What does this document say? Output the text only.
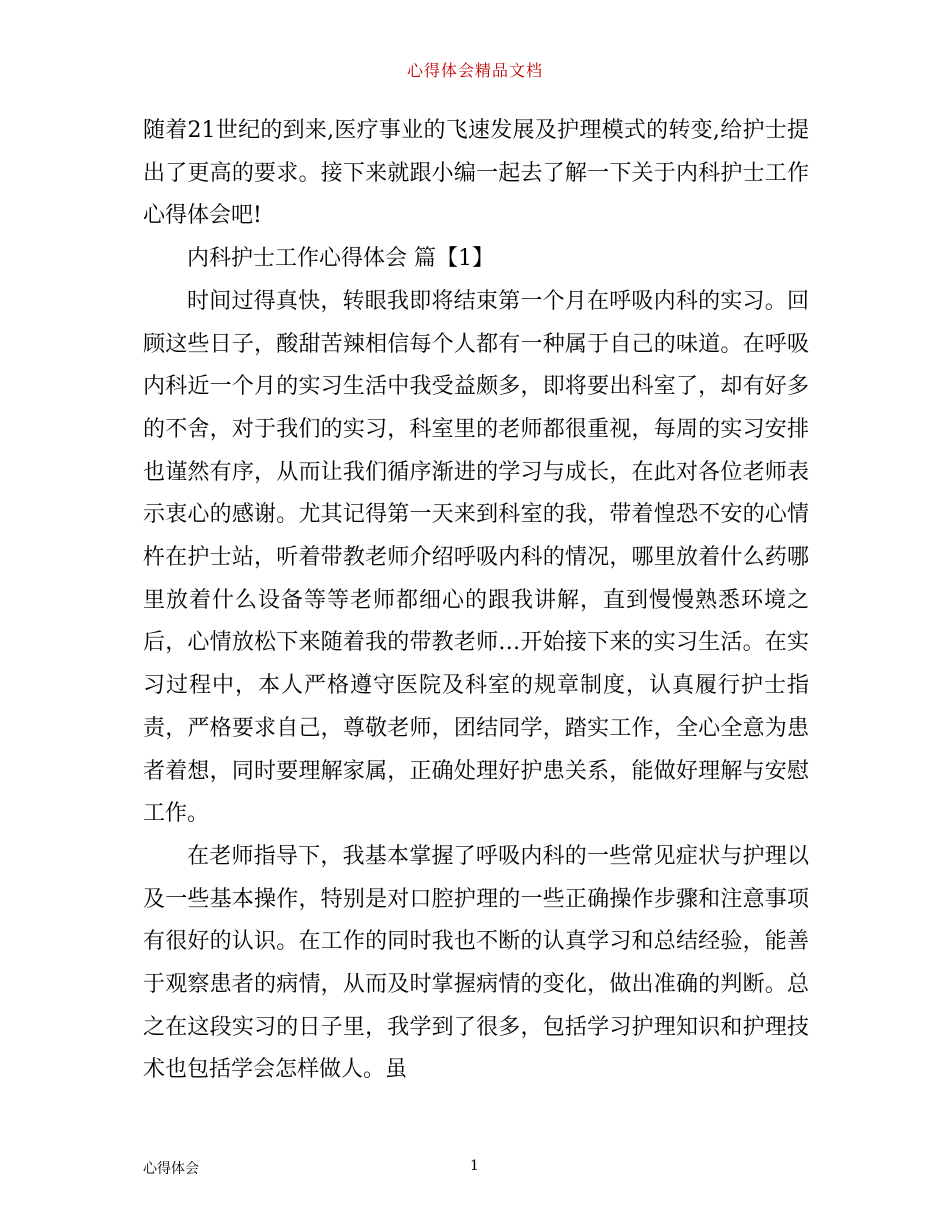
心得体会精品文档

随着21世纪的到来,医疗事业的飞速发展及护理模式的转变,给护士提出了更高的要求。接下来就跟小编一起去了解一下关于内科护士工作心得体会吧!

内科护士工作心得体会 篇【1】

时间过得真快，转眼我即将结束第一个月在呼吸内科的实习。回顾这些日子，酸甜苦辣相信每个人都有一种属于自己的味道。在呼吸内科近一个月的实习生活中我受益颇多，即将要出科室了，却有好多的不舍，对于我们的实习，科室里的老师都很重视，每周的实习安排也谨然有序，从而让我们循序渐进的学习与成长，在此对各位老师表示衷心的感谢。尤其记得第一天来到科室的我，带着惶恐不安的心情杵在护士站，听着带教老师介绍呼吸内科的情况，哪里放着什么药哪里放着什么设备等等老师都细心的跟我讲解，直到慢慢熟悉环境之后，心情放松下来随着我的带教老师…开始接下来的实习生活。在实习过程中，本人严格遵守医院及科室的规章制度，认真履行护士指责，严格要求自己，尊敬老师，团结同学，踏实工作，全心全意为患者着想，同时要理解家属，正确处理好护患关系，能做好理解与安慰工作。

在老师指导下，我基本掌握了呼吸内科的一些常见症状与护理以及一些基本操作，特别是对口腔护理的一些正确操作步骤和注意事项有很好的认识。在工作的同时我也不断的认真学习和总结经验，能善于观察患者的病情，从而及时掌握病情的变化，做出准确的判断。总之在这段实习的日子里，我学到了很多，包括学习护理知识和护理技术也包括学会怎样做人。虽

心得体会	1
